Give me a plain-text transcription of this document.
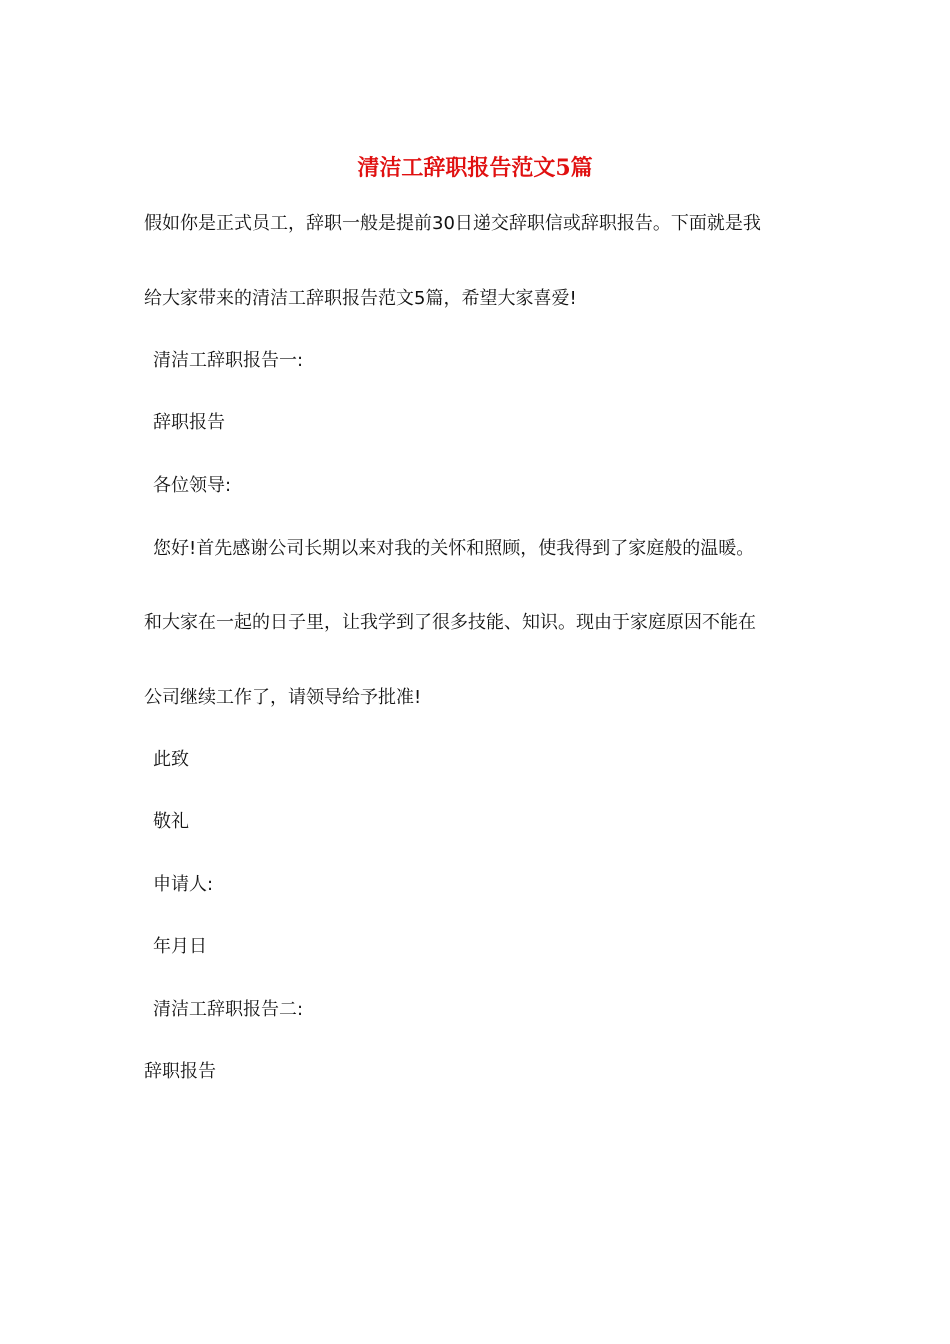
清洁工辞职报告范文5篇
假如你是正式员工，辞职一般是提前30日递交辞职信或辞职报告。下面就是我
给大家带来的清洁工辞职报告范文5篇，希望大家喜爱!
清洁工辞职报告一:
辞职报告
各位领导:
您好!首先感谢公司长期以来对我的关怀和照顾，使我得到了家庭般的温暖。
和大家在一起的日子里，让我学到了很多技能、知识。现由于家庭原因不能在
公司继续工作了，请领导给予批准!
此致
敬礼
申请人:
年月日
清洁工辞职报告二:
辞职报告
